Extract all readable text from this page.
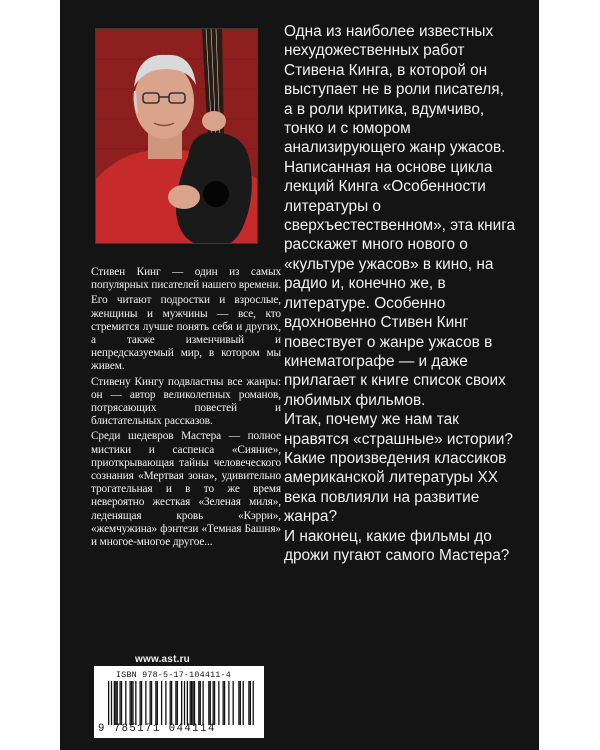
Стивен Кинг — один из самых популярных писателей нашего времени.

Его читают подростки и взрослые, женщины и мужчины — все, кто стремится лучше понять себя и других, а также изменчивый и непредсказуемый мир, в котором мы живем.

Стивену Кингу подвластны все жанры: он — автор великолепных романов, потрясающих повестей и блистательных рассказов.

Среди шедевров Мастера — полное мистики и саспенса «Сияние», приоткрывающая тайны человеческого сознания «Мертвая зона», удивительно трогательная и в то же время невероятно жесткая «Зеленая миля», леденящая кровь «Кэрри», «жемчужина» фэнтези «Темная Башня» и многое-многое другое...

www.ast.ru
ISBN 978-5-17-104411-4
9 785171 044114

Одна из наиболее известных нехудожественных работ Стивена Кинга, в которой он выступает не в роли писателя, а в роли критика, вдумчиво, тонко и с юмором анализирующего жанр ужасов.

Написанная на основе цикла лекций Кинга «Особенности литературы о сверхъестественном», эта книга расскажет много нового о «культуре ужасов» в кино, на радио и, конечно же, в литературе. Особенно вдохновенно Стивен Кинг повествует о жанре ужасов в кинематографе — и даже прилагает к книге список своих любимых фильмов.

Итак, почему же нам так нравятся «страшные» истории? Какие произведения классиков американской литературы XX века повлияли на развитие жанра?

И наконец, какие фильмы до дрожи пугают самого Мастера?
